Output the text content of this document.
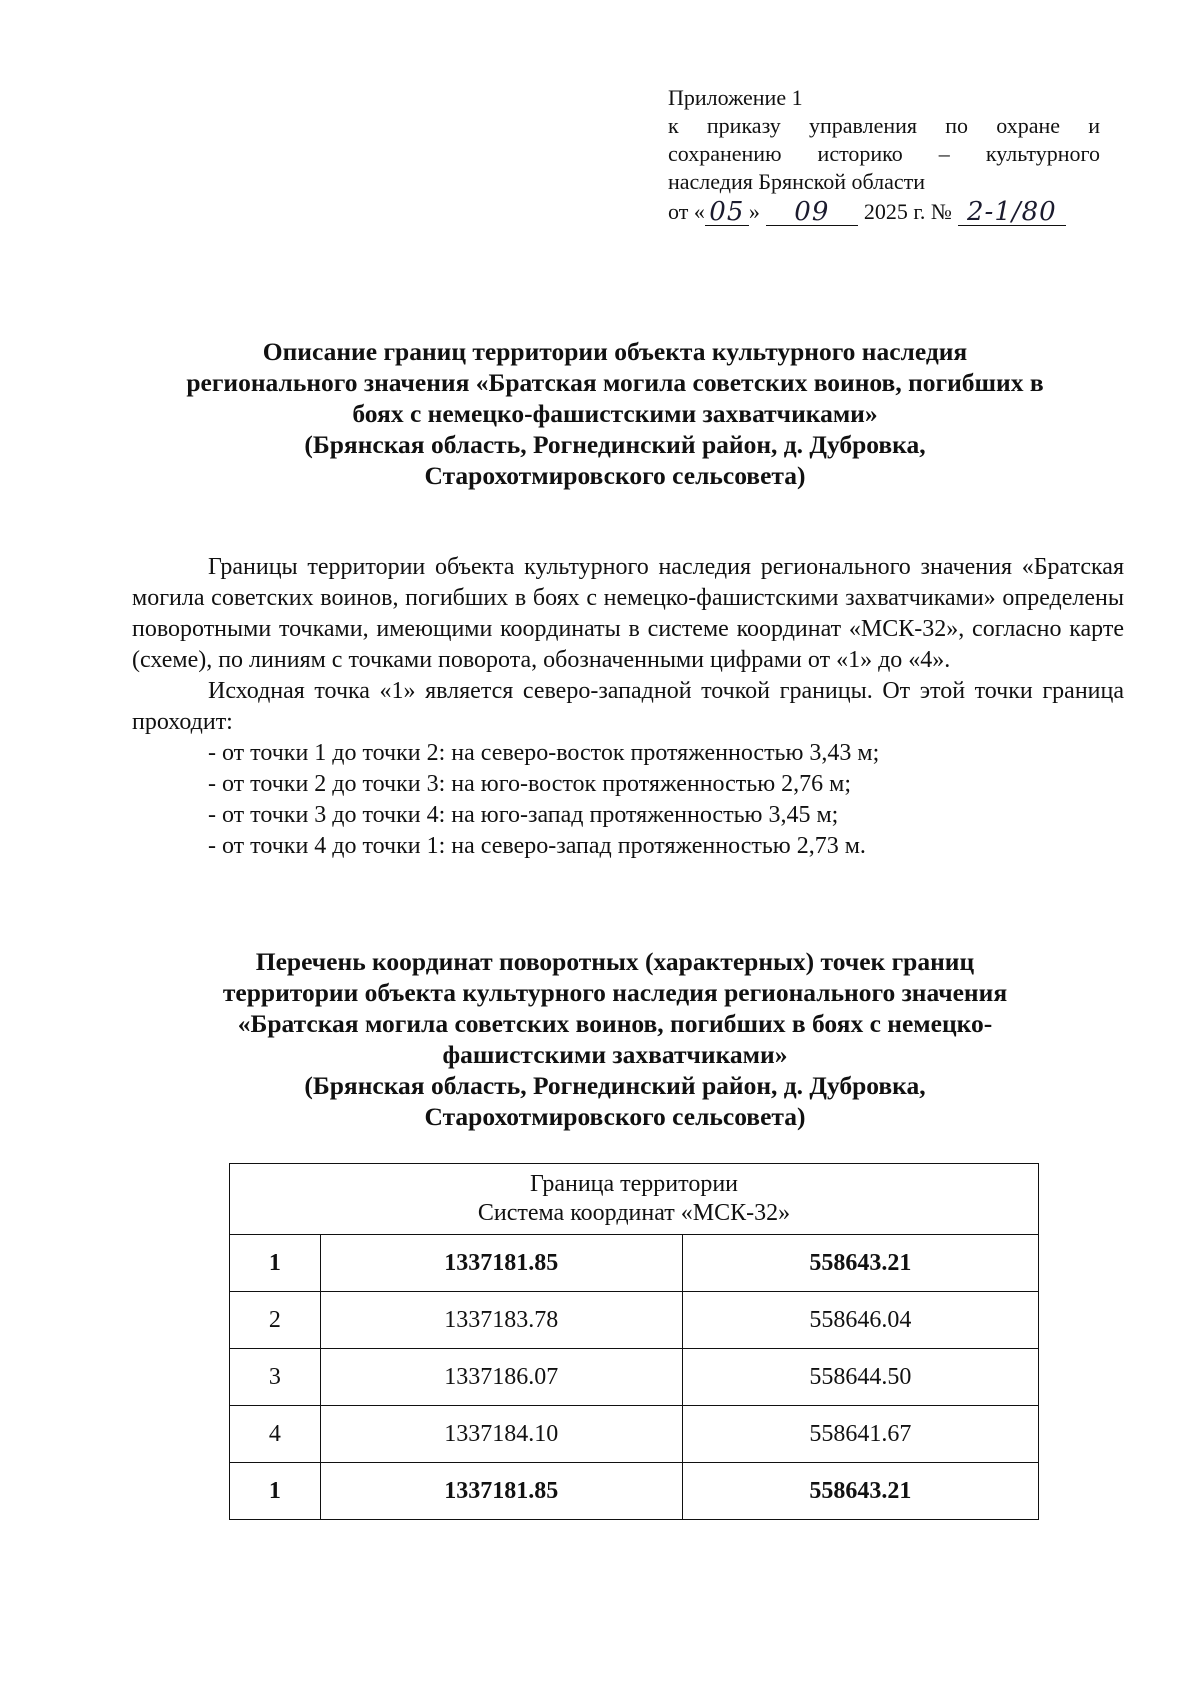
Приложение 1
к приказу управления по охране и
сохранению историко – культурного
наследия Брянской области
от « 05 »	09	2025 г. № 2-1/80
Описание границ территории объекта культурного наследия
регионального значения «Братская могила советских воинов, погибших в
боях с немецко-фашистскими захватчиками»
(Брянская область, Рогнединский район, д. Дубровка,
Старохотмировского сельсовета)

Границы территории объекта культурного наследия регионального значения «Братская могила советских воинов, погибших в боях с немецко-фашистскими захватчиками» определены поворотными точками, имеющими координаты в системе координат «МСК-32», согласно карте (схеме), по линиям с точками поворота, обозначенными цифрами от «1» до «4».

Исходная точка «1» является северо-западной точкой границы. От этой точки граница проходит:

- от точки 1 до точки 2: на северо-восток протяженностью 3,43 м;
- от точки 2 до точки 3: на юго-восток протяженностью 2,76 м;
- от точки 3 до точки 4: на юго-запад протяженностью 3,45 м;
- от точки 4 до точки 1: на северо-запад протяженностью 2,73 м.
Перечень координат поворотных (характерных) точек границ
территории объекта культурного наследия регионального значения
«Братская могила советских воинов, погибших в боях с немецко-
фашистскими захватчиками»
(Брянская область, Рогнединский район, д. Дубровка,
Старохотмировского сельсовета)
Граница территории
Система координат «МСК-32»		
1	1337181.85	558643.21
2	1337183.78	558646.04
3	1337186.07	558644.50
4	1337184.10	558641.67
1	1337181.85	558643.21
